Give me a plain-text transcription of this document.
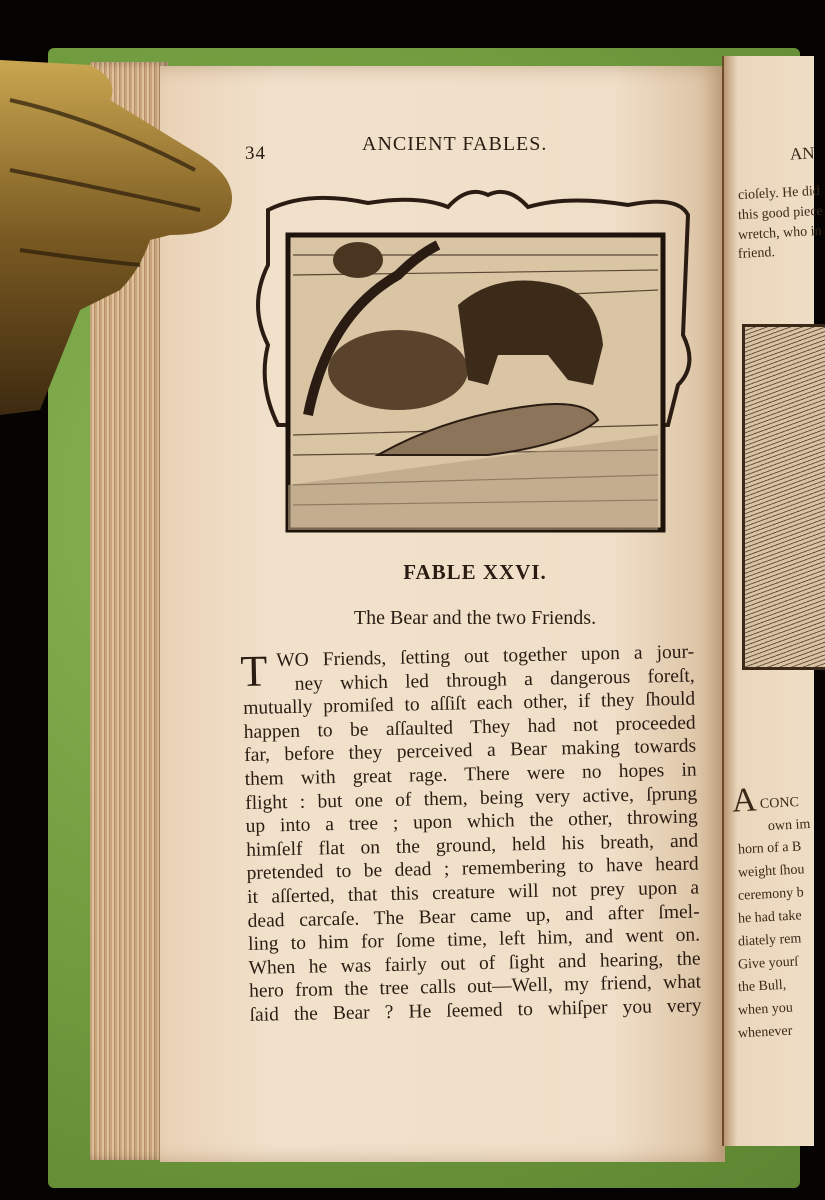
AN
cioſely. He did
this good piece
wretch, who in
friend.
A CONC
own im
horn of a B
weight ſhou
ceremony b
he had take
diately rem
Give yourſ
the Bull,
when you
whenever
34	ANCIENT FABLES.
FABLE XXVI.
The Bear and the two Friends.
T WO Friends, ſetting out together upon a jour-
ney which led through a dangerous foreſt,
mutually promiſed to aſſiſt each other, if they ſhould
happen to be aſſaulted They had not proceeded
far, before they perceived a Bear making towards
them with great rage. There were no hopes in
flight : but one of them, being very active, ſprung
up into a tree ; upon which the other, throwing
himſelf flat on the ground, held his breath, and
pretended to be dead ; remembering to have heard
it aſſerted, that this creature will not prey upon a
dead carcaſe. The Bear came up, and after ſmel-
ling to him for ſome time, left him, and went on.
When he was fairly out of ſight and hearing, the
hero from the tree calls out—Well, my friend, what
ſaid the Bear ? He ſeemed to whiſper you very
